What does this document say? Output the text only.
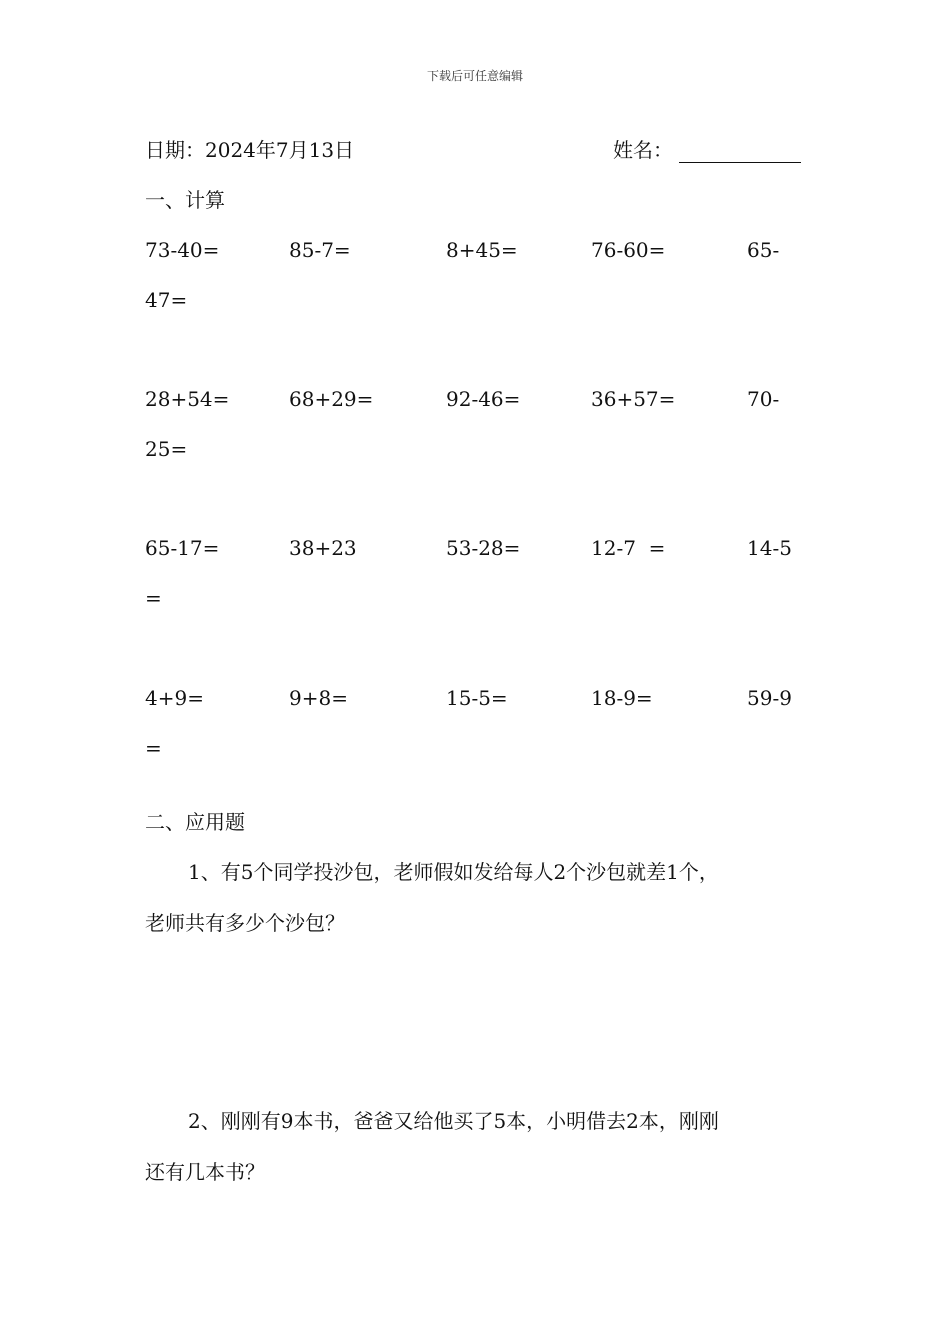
下载后可任意编辑
日期：2024年7月13日	姓名：
一、计算
73-40=	85-7=	8+45=	76-60=	65-
47=
28+54=	68+29=	92-46=	36+57=	70-
25=
65-17=	38+23	53-28=	12-7  =	14-5
=
4+9=	9+8=	15-5=	18-9=	59-9
=
二、应用题
1、有5个同学投沙包，老师假如发给每人2个沙包就差1个，
老师共有多少个沙包？
2、刚刚有9本书，爸爸又给他买了5本，小明借去2本，刚刚
还有几本书？
